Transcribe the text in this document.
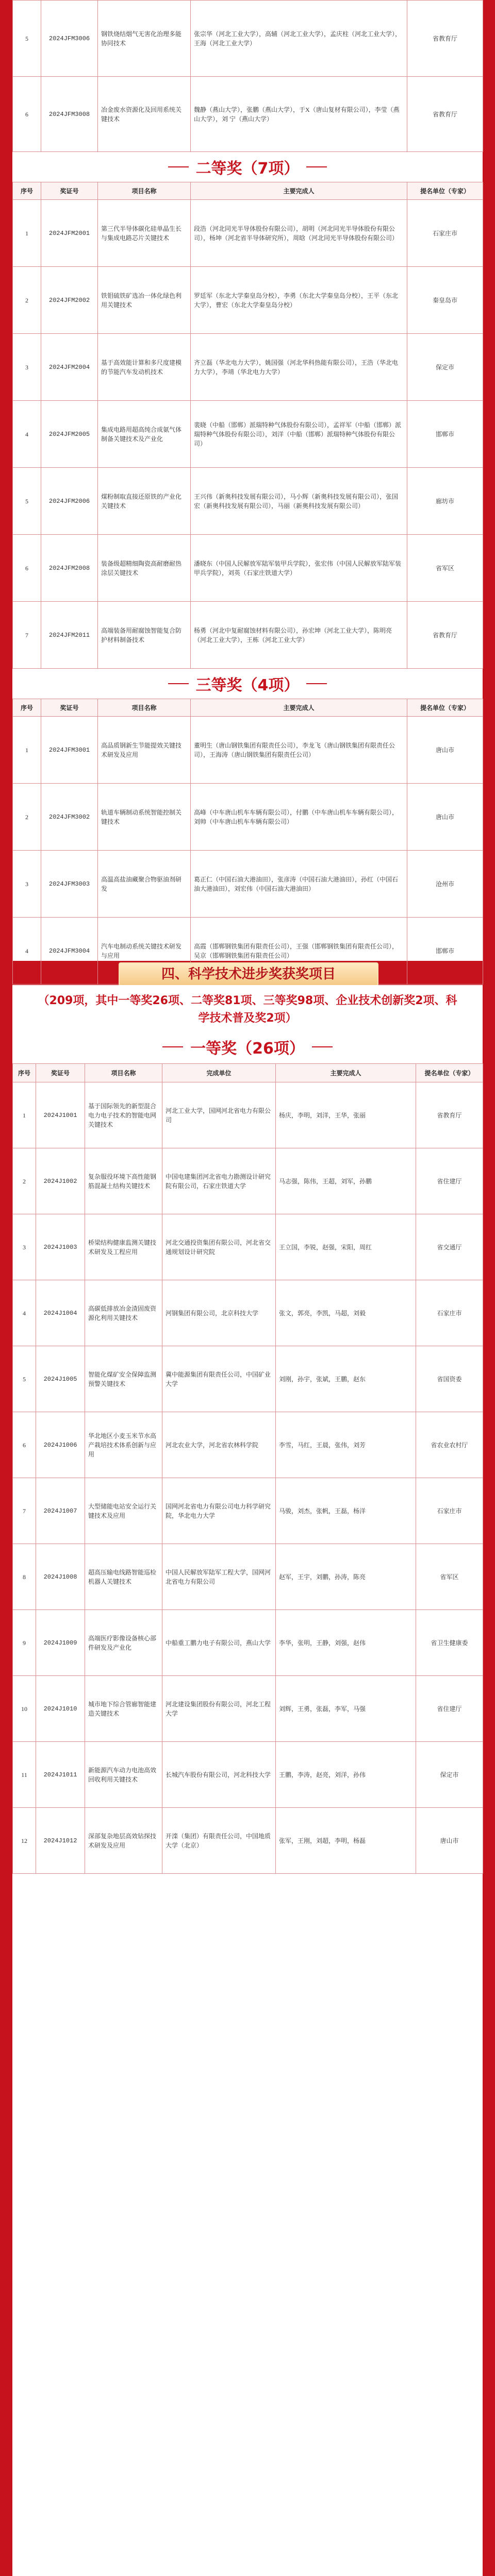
5	2024JFM3006	钢铁烧结烟气无害化治理多能协同技术	张宗华（河北工业大学），高辅（河北工业大学），孟庆柱（河北工业大学），王海（河北工业大学）	省教育厅
6	2024JFM3008	冶金废水资源化及回用系统关键技术	魏静（燕山大学），张鹏（燕山大学），于X（唐山复材有限公司），李莹（燕山大学），刘 宁（燕山大学）	省教育厅
二等奖（7项）
序号	奖证号	项目名称	主要完成人	提名单位（专家）
1	2024JFM2001	第三代半导体碳化硅单晶生长与集成电路芯片关键技术	段浩（河北同光半导体股份有限公司），胡明（河北同光半导体股份有限公司），杨坤（河北省半导体研究所），周晗（河北同光半导体股份有限公司）	石家庄市
2	2024JFM2002	铁钼硫铁矿选冶一体化绿色利用关键技术	罗廷军（东北大学秦皇岛分校），李勇（东北大学秦皇岛分校），王平（东北大学），曹宏（东北大学秦皇岛分校）	秦皇岛市
3	2024JFM2004	基于高效能计算和多尺度建模的节能汽车发动机技术	齐立磊（华北电力大学），姚国强（河北华科热能有限公司），王浩（华北电力大学），李靖（华北电力大学）	保定市
4	2024JFM2005	集成电路用超高纯合成氨气体制备关键技术及产业化	裴晓（中船（邯郸）派瑞特种气体股份有限公司），孟祥军（中船（邯郸）派瑞特种气体股份有限公司），刘洋（中船（邯郸）派瑞特种气体股份有限公司）	邯郸市
5	2024JFM2006	煤粉制取直接还原铁的产业化关键技术	王兴伟（新奥科技发展有限公司），马小辉（新奥科技发展有限公司），张国宏（新奥科技发展有限公司），马丽（新奥科技发展有限公司）	廊坊市
6	2024JFM2008	装备级超精细陶瓷高耐磨耐热涂层关键技术	潘晓东（中国人民解放军陆军装甲兵学院），张宏伟（中国人民解放军陆军装甲兵学院），刘英（石家庄铁道大学）	省军区
7	2024JFM2011	高端装备用耐腐蚀智能复合防护材料制备技术	杨勇（河北中复耐腐蚀材料有限公司），孙宏坤（河北工业大学），陈明亮（河北工业大学），王栋（河北工业大学）	省教育厅
三等奖（4项）
序号	奖证号	项目名称	主要完成人	提名单位（专家）
1	2024JFM3001	高品质钢新生节能提效关键技术研发及应用	董明生（唐山钢铁集团有限责任公司），李龙飞（唐山钢铁集团有限责任公司），王海涛（唐山钢铁集团有限责任公司）	唐山市
2	2024JFM3002	轨道车辆制动系统智能控制关键技术	高峰（中车唐山机车车辆有限公司），付鹏（中车唐山机车车辆有限公司），刘帅（中车唐山机车车辆有限公司）	唐山市
3	2024JFM3003	高温高盐油藏聚合物驱油剂研发	葛正仁（中国石油大港油田），张彦涛（中国石油大港油田），孙红（中国石油大港油田），刘宏伟（中国石油大港油田）	沧州市
4	2024JFM3004	汽车电制动系统关键技术研发与应用	高霞（邯郸钢铁集团有限责任公司），王强（邯郸钢铁集团有限责任公司），吴京（邯郸钢铁集团有限责任公司）	邯郸市
四、科学技术进步奖获奖项目
（209项，其中一等奖26项、二等奖81项、三等奖98项、企业技术创新奖2项、科学技术普及奖2项）
一等奖（26项）
序号	奖证号	项目名称	完成单位	主要完成人	提名单位（专家）
1	2024J1001	基于国际领先的新型混合电力电子技术的智能电网关键技术	河北工业大学，国网河北省电力有限公司	杨庆，李明，刘洋，王华，张丽	省教育厅
2	2024J1002	复杂服役环境下高性能钢筋混凝土结构关键技术	中国电建集团河北省电力勘测设计研究院有限公司，石家庄铁道大学	马志强，陈伟，王超，刘军，孙鹏	省住建厅
3	2024J1003	桥梁结构健康监测关键技术研发及工程应用	河北交通投资集团有限公司，河北省交通规划设计研究院	王立国，李锐，赵强，宋阳，周红	省交通厅
4	2024J1004	高碳低排放冶金渣固废资源化利用关键技术	河钢集团有限公司，北京科技大学	张文，郭亮，李凯，马超，刘毅	石家庄市
5	2024J1005	智能化煤矿安全保障监测预警关键技术	冀中能源集团有限责任公司，中国矿业大学	刘刚，孙宇，张斌，王鹏，赵东	省国资委
6	2024J1006	华北地区小麦玉米节水高产栽培技术体系创新与应用	河北农业大学，河北省农林科学院	李雪，马红，王晨，张伟，刘芳	省农业农村厅
7	2024J1007	大型储能电站安全运行关键技术及应用	国网河北省电力有限公司电力科学研究院，华北电力大学	马骏，刘杰，张帆，王磊，杨洋	石家庄市
8	2024J1008	超高压输电线路智能巡检机器人关键技术	中国人民解放军陆军工程大学，国网河北省电力有限公司	赵军，王宇，刘鹏，孙涛，陈亮	省军区
9	2024J1009	高端医疗影像设备核心部件研发及产业化	中船重工鹏力电子有限公司，燕山大学	李华，张明，王静，刘强，赵伟	省卫生健康委
10	2024J1010	城市地下综合管廊智能建造关键技术	河北建设集团股份有限公司，河北工程大学	刘辉，王勇，张磊，李军，马强	省住建厅
11	2024J1011	新能源汽车动力电池高效回收利用关键技术	长城汽车股份有限公司，河北科技大学	王鹏，李涛，赵亮，刘洋，孙伟	保定市
12	2024J1012	深部复杂地层高效钻探技术研发及应用	开滦（集团）有限责任公司，中国地质大学（北京）	张军，王刚，刘超，李明，杨磊	唐山市
